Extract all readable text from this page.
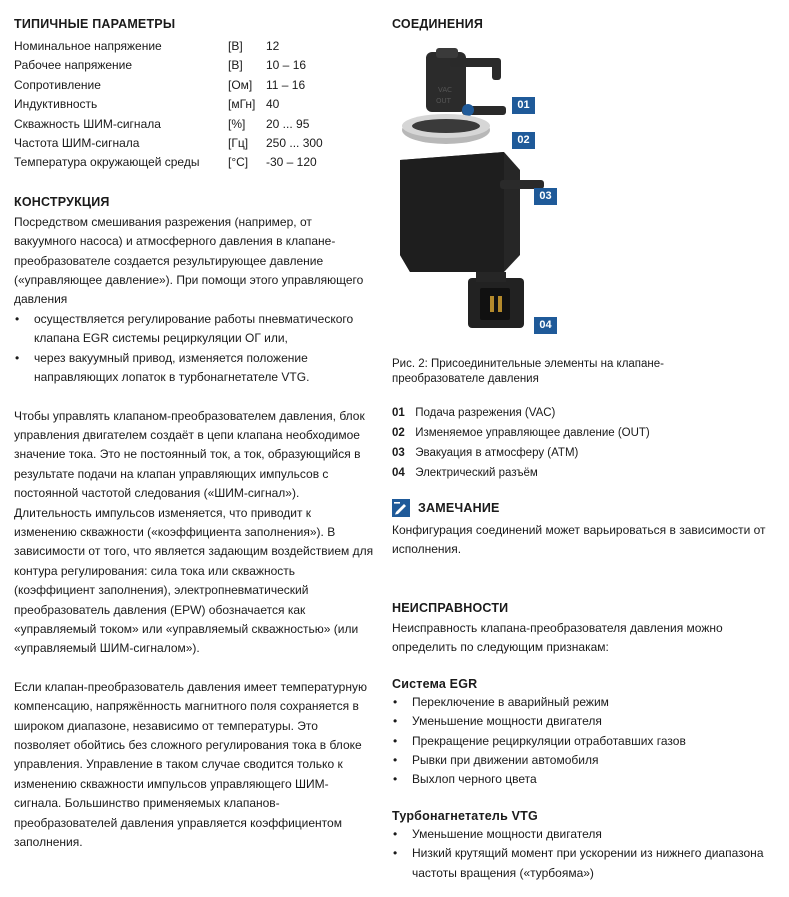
ТИПИЧНЫЕ ПАРАМЕТРЫ
Номинальное напряжение	[В]	12
Рабочее напряжение	[В]	10 – 16
Сопротивление	[Ом]	11 – 16
Индуктивность	[мГн]	40
Скважность ШИМ-сигнала	[%]	20 ... 95
Частота ШИМ-сигнала	[Гц]	250 ... 300
Температура окружающей среды	[°C]	-30 – 120
КОНСТРУКЦИЯ

Посредством смешивания разрежения (например, от вакуумного насоса) и атмосферного давления в клапане-преобразователе создается результирующее давление («управляющее давление»). При помощи этого управляющего давления

• осуществляется регулирование работы пневматического клапана EGR системы рециркуляции ОГ или,
• через вакуумный привод, изменяется положение направляющих лопаток в турбонагнетателе VTG.

Чтобы управлять клапаном-преобразователем давления, блок управления двигателем создаёт в цепи клапана необходимое значение тока. Это не постоянный ток, а ток, образующийся в результате подачи на клапан управляющих импульсов с постоянной частотой следования («ШИМ-сигнал»). Длительность импульсов изменяется, что приводит к изменению скважности («коэффициента заполнения»). В зависимости от того, что является задающим воздействием для контура регулирования: сила тока или скважность (коэффициент заполнения), электропневматический преобразователь давления (EPW) обозначается как «управляемый током» или «управляемый скважностью» (или «управляемый ШИМ-сигналом»).

Если клапан-преобразователь давления имеет температурную компенсацию, напряжённость магнитного поля сохраняется в широком диапазоне, независимо от температуры. Это позволяет обойтись без сложного регулирования тока в блоке управления. Управление в таком случае сводится только к изменению скважности импульсов управляющего ШИМ-сигнала. Большинство применяемых клапанов-преобразователей давления управляется коэффициентом заполнения.

СОЕДИНЕНИЯ
VAC
OUT	01
02
03
04

Рис. 2: Присоединительные элементы на клапане-преобразователе давления

01 Подача разрежения (VAC)
02 Изменяемое управляющее давление (OUT)
03 Эвакуация в атмосферу (ATM)
04 Электрический разъём
ЗАМЕЧАНИЕ

Конфигурация соединений может варьироваться в зависимости от исполнения.

НЕИСПРАВНОСТИ

Неисправность клапана-преобразователя давления можно определить по следующим признакам:

Система EGR
• Переключение в аварийный режим
• Уменьшение мощности двигателя
• Прекращение рециркуляции отработавших газов
• Рывки при движении автомобиля
• Выхлоп черного цвета
Турбонагнетатель VTG
• Уменьшение мощности двигателя
• Низкий крутящий момент при ускорении из нижнего диапазона частоты вращения («турбояма»)
